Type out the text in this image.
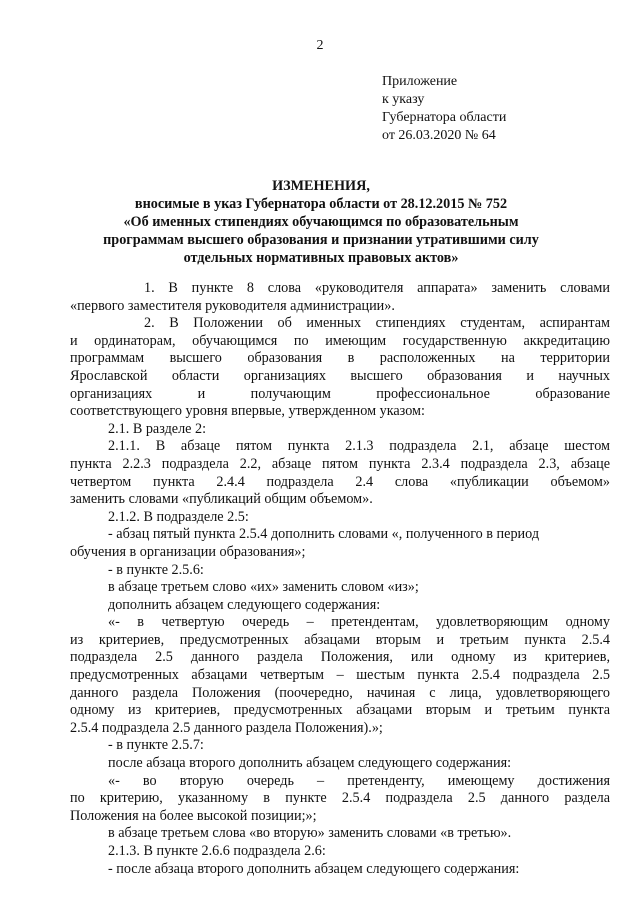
2
Приложение
к указу
Губернатора области
от 26.03.2020 № 64
ИЗМЕНЕНИЯ,
вносимые в указ Губернатора области от 28.12.2015 № 752
«Об именных стипендиях обучающимся по образовательным
программам высшего образования и признании утратившими силу
отдельных нормативных правовых актов»
1. В пункте 8 слова «руководителя аппарата» заменить словами
«первого заместителя руководителя администрации».
2. В Положении об именных стипендиях студентам, аспирантам
и ординаторам, обучающимся по имеющим государственную аккредитацию
программам высшего образования в расположенных на территории
Ярославской области организациях высшего образования и научных
организациях и получающим профессиональное образование
соответствующего уровня впервые, утвержденном указом:
2.1. В разделе 2:
2.1.1. В абзаце пятом пункта 2.1.3 подраздела 2.1, абзаце шестом
пункта 2.2.3 подраздела 2.2, абзаце пятом пункта 2.3.4 подраздела 2.3, абзаце
четвертом пункта 2.4.4 подраздела 2.4 слова «публикации объемом»
заменить словами «публикаций общим объемом».
2.1.2. В подразделе 2.5:
- абзац пятый пункта 2.5.4 дополнить словами «, полученного в период
обучения в организации образования»;
- в пункте 2.5.6:
в абзаце третьем слово «их» заменить словом «из»;
дополнить абзацем следующего содержания:
«- в четвертую очередь – претендентам, удовлетворяющим одному
из критериев, предусмотренных абзацами вторым и третьим пункта 2.5.4
подраздела 2.5 данного раздела Положения, или одному из критериев,
предусмотренных абзацами четвертым – шестым пункта 2.5.4 подраздела 2.5
данного раздела Положения (поочередно, начиная с лица, удовлетворяющего
одному из критериев, предусмотренных абзацами вторым и третьим пункта
2.5.4 подраздела 2.5 данного раздела Положения).»;
- в пункте 2.5.7:
после абзаца второго дополнить абзацем следующего содержания:
«- во вторую очередь – претенденту, имеющему достижения
по критерию, указанному в пункте 2.5.4 подраздела 2.5 данного раздела
Положения на более высокой позиции;»;
в абзаце третьем слова «во вторую» заменить словами «в третью».
2.1.3. В пункте 2.6.6 подраздела 2.6:
- после абзаца второго дополнить абзацем следующего содержания:
